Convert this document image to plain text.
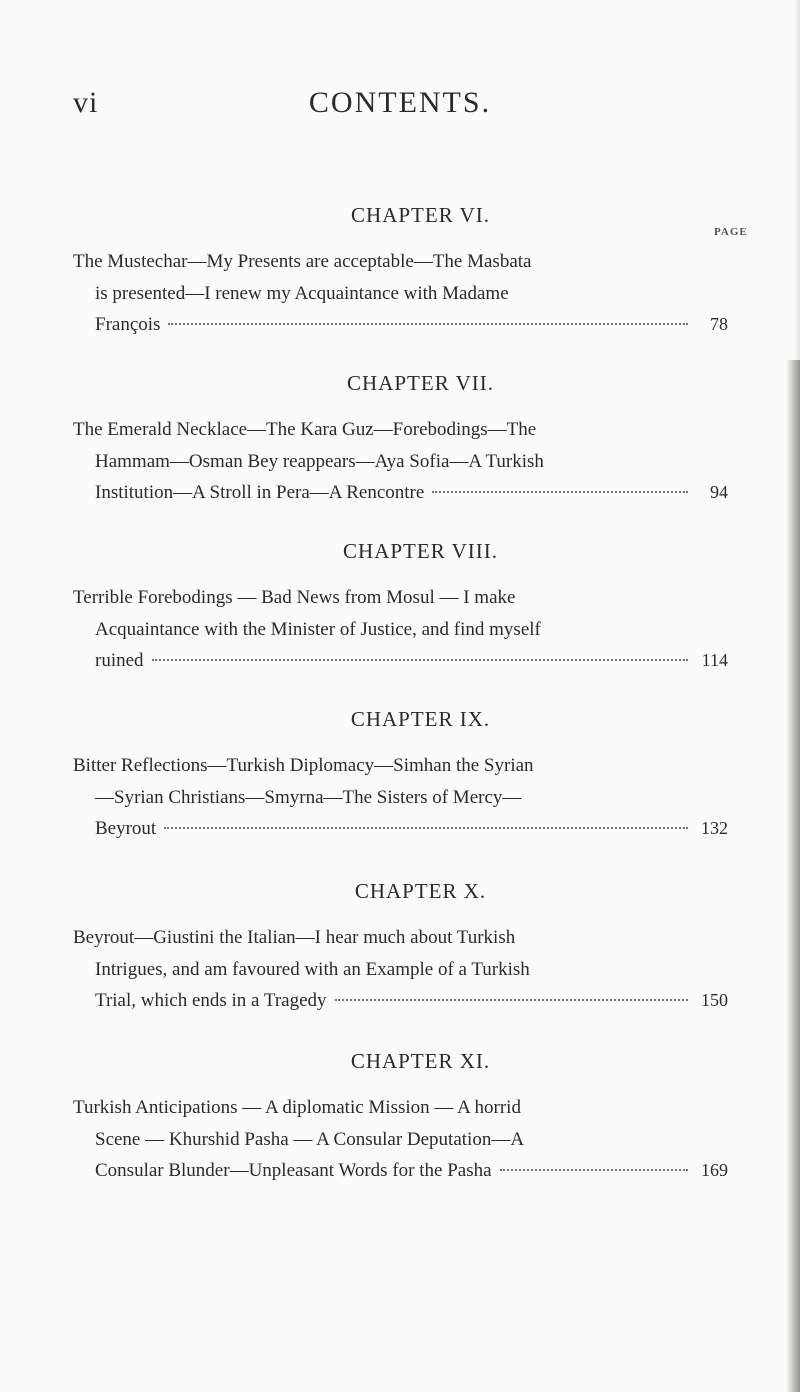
vi	CONTENTS.
PAGE
CHAPTER VI.
The Mustechar—My Presents are acceptable—The Masbata
is presented—I renew my Acquaintance with Madame
François	78
CHAPTER VII.
The Emerald Necklace—The Kara Guz—Forebodings—The
Hammam—Osman Bey reappears—Aya Sofia—A Turkish
Institution—A Stroll in Pera—A Rencontre	94
CHAPTER VIII.
Terrible Forebodings — Bad News from Mosul — I make
Acquaintance with the Minister of Justice, and find myself
ruined	114
CHAPTER IX.
Bitter Reflections—Turkish Diplomacy—Simhan the Syrian
—Syrian Christians—Smyrna—The Sisters of Mercy—
Beyrout	132
CHAPTER X.
Beyrout—Giustini the Italian—I hear much about Turkish
Intrigues, and am favoured with an Example of a Turkish
Trial, which ends in a Tragedy	150
CHAPTER XI.
Turkish Anticipations — A diplomatic Mission — A horrid
Scene — Khurshid Pasha — A Consular Deputation—A
Consular Blunder—Unpleasant Words for the Pasha	169
